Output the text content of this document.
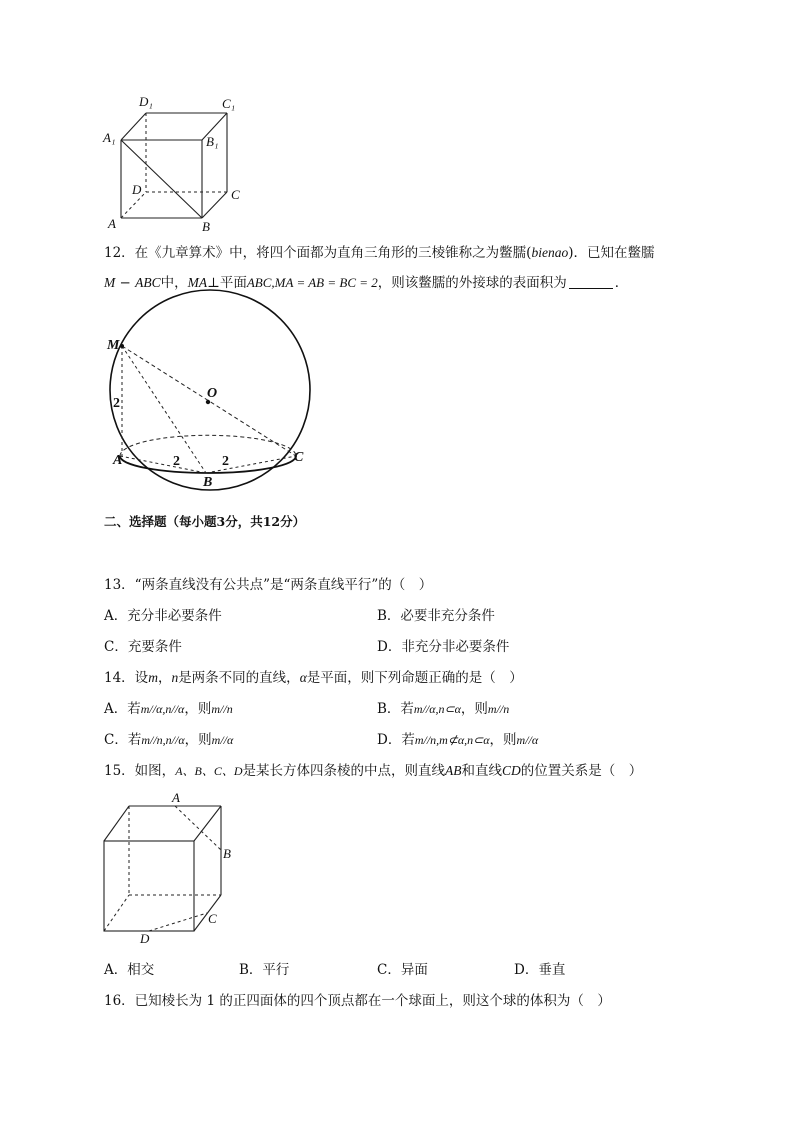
D₁	C₁
A₁	B₁
D	C
A	B
12．在《九章算术》中，将四个面都为直角三角形的三棱锥称之为鳖臑(bienao)．已知在鳖臑
M − ABC中，MA⊥平面ABC,MA = AB = BC = 2，则该鳖臑的外接球的表面积为	．
M
O
A
B
C
2
2	2
二、选择题（每小题3分，共12分）
13．“两条直线没有公共点”是“两条直线平行”的（　）
A．充分非必要条件	B．必要非充分条件
C．充要条件	D．非充分非必要条件
14．设m，n是两条不同的直线，α是平面，则下列命题正确的是（　）
A．若m//α,n//α，则m//n	B．若m//α,n⊂α，则m//n
C．若m//n,n//α，则m//α	D．若m//n,m⊄α,n⊂α，则m//α
15．如图，A、B、C、D是某长方体四条棱的中点，则直线AB和直线CD的位置关系是（　）
A
B
C
D
A．相交	B．平行	C．异面	D．垂直
16．已知棱长为 1 的正四面体的四个顶点都在一个球面上，则这个球的体积为（　）
